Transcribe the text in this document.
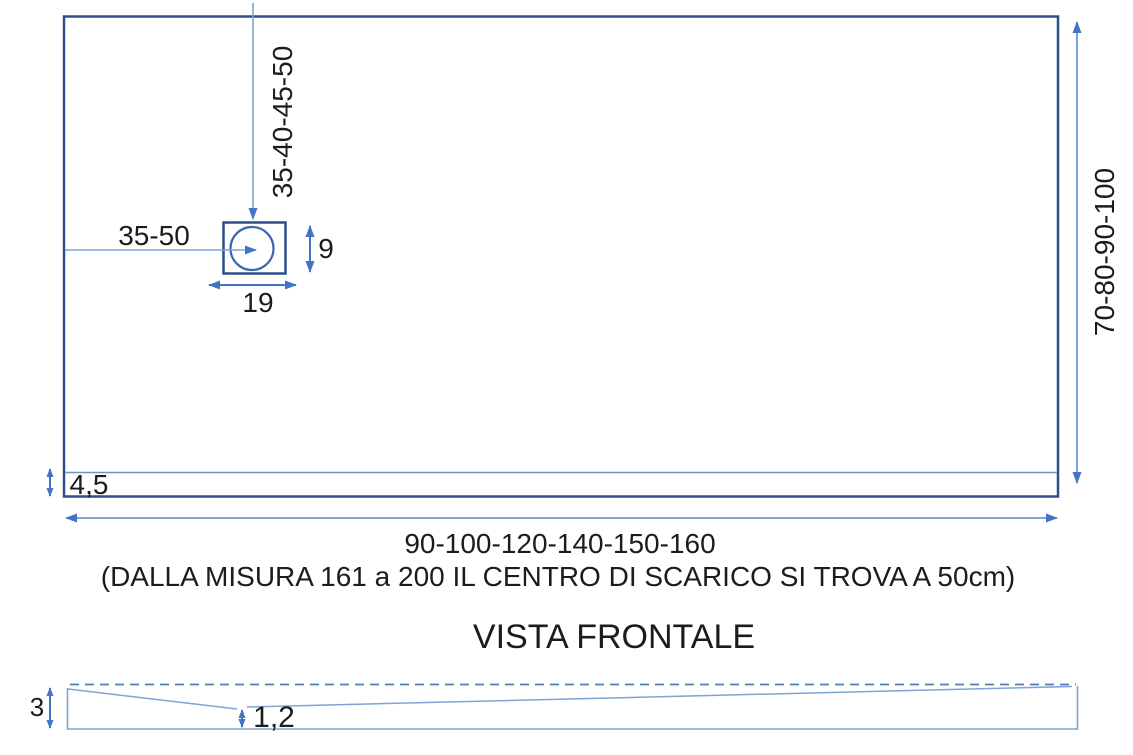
35-40-45-50
35-50	9
19	70-80-90-100
4,5
90-100-120-140-150-160
(DALLA MISURA 161 a 200 IL CENTRO DI SCARICO SI TROVA A 50cm)
VISTA FRONTALE
3	1,2
